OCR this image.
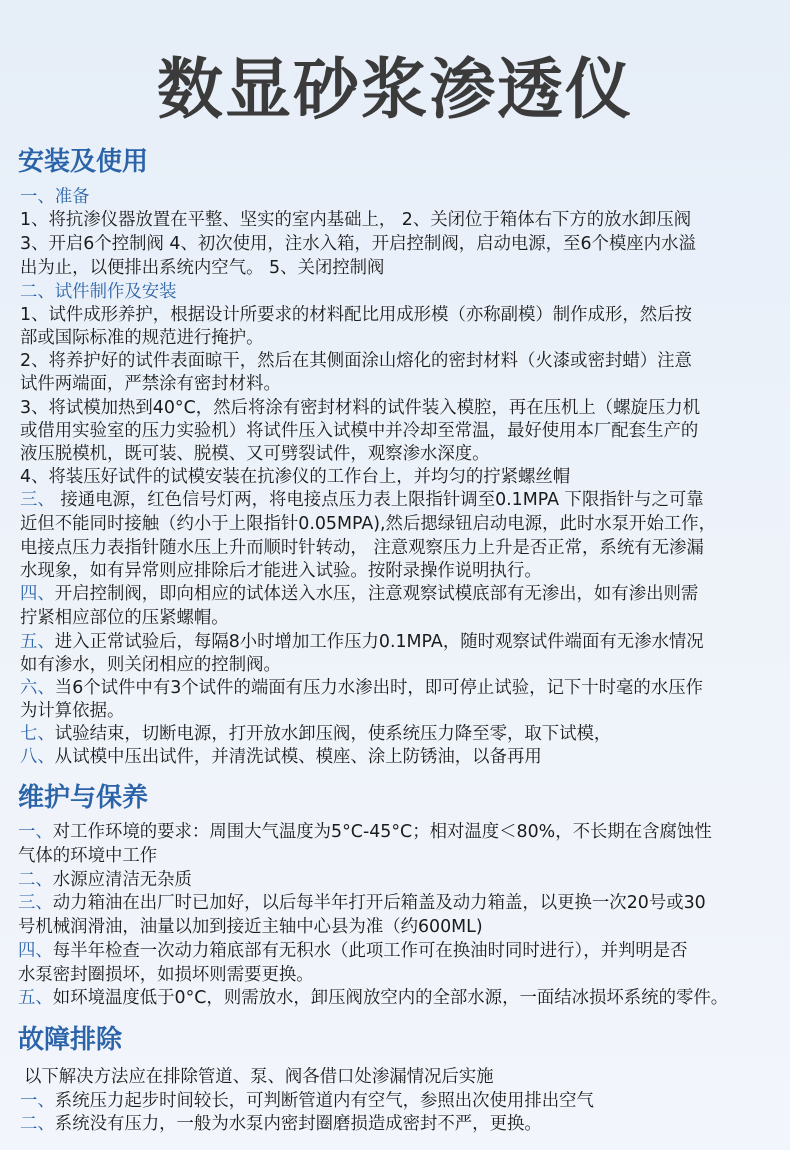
数显砂浆渗透仪
安装及使用
一、准备
1、将抗渗仪器放置在平整、坚实的室内基础上， 2、关闭位于箱体右下方的放水卸压阀
3、开启6个控制阀 4、初次使用，注水入箱，开启控制阀，启动电源，至6个模座内水溢
出为止，以便排出系统内空气。 5、关闭控制阀
二、试件制作及安装
1、试件成形养护，根据设计所要求的材料配比用成形模（亦称副模）制作成形，然后按
部或国际标准的规范进行掩护。
2、将养护好的试件表面晾干，然后在其侧面涂山熔化的密封材料（火漆或密封蜡）注意
试件两端面，严禁涂有密封材料。
3、将试模加热到40°C，然后将涂有密封材料的试件装入模腔，再在压机上（螺旋压力机
或借用实验室的压力实验机）将试件压入试模中并冷却至常温，最好使用本厂配套生产的
液压脱模机，既可装、脱模、又可劈裂试件，观察渗水深度。
4、将装压好试件的试模安装在抗渗仪的工作台上，并均匀的拧紧螺丝帽
三、 接通电源，红色信号灯两，将电接点压力表上限指针调至0.1MPA 下限指针与之可靠
近但不能同时接触（约小于上限指针0.05MPA),然后揌绿钮启动电源，此时水泵开始工作，
电接点压力表指针随水压上升而顺时针转动， 注意观察压力上升是否正常，系统有无渗漏
水现象，如有异常则应排除后才能进入试验。按附录操作说明执行。
四、开启控制阀，即向相应的试体送入水压，注意观察试模底部有无渗出，如有渗出则需
拧紧相应部位的压紧螺帽。
五、进入正常试验后，每隔8小时增加工作压力0.1MPA，随时观察试件端面有无渗水情况
如有渗水，则关闭相应的控制阀。
六、当6个试件中有3个试件的端面有压力水渗出时，即可停止试验，记下十时毫的水压作
为计算依据。
七、试验结束，切断电源，打开放水卸压阀，使系统压力降至零，取下试模，
八、从试模中压出试件，并清洗试模、模座、涂上防锈油，以备再用
维护与保养
一、对工作环境的要求：周围大气温度为5°C-45°C；相对温度＜80%，不长期在含腐蚀性
气体的环境中工作
二、水源应清洁无杂质
三、动力箱油在出厂时已加好，以后每半年打开后箱盖及动力箱盖，以更换一次20号或30
号机械润滑油，油量以加到接近主轴中心县为准（约600ML)
四、每半年检查一次动力箱底部有无积水（此项工作可在换油时同时进行），并判明是否
水泵密封圈损坏，如损坏则需要更换。
五、如环境温度低于0°C，则需放水，卸压阀放空内的全部水源，一面结冰损坏系统的零件。
故障排除
以下解决方法应在排除管道、泵、阀各借口处渗漏情况后实施
一、系统压力起步时间较长，可判断管道内有空气，参照出次使用排出空气
二、系统没有压力，一般为水泵内密封圈磨损造成密封不严，更换。
